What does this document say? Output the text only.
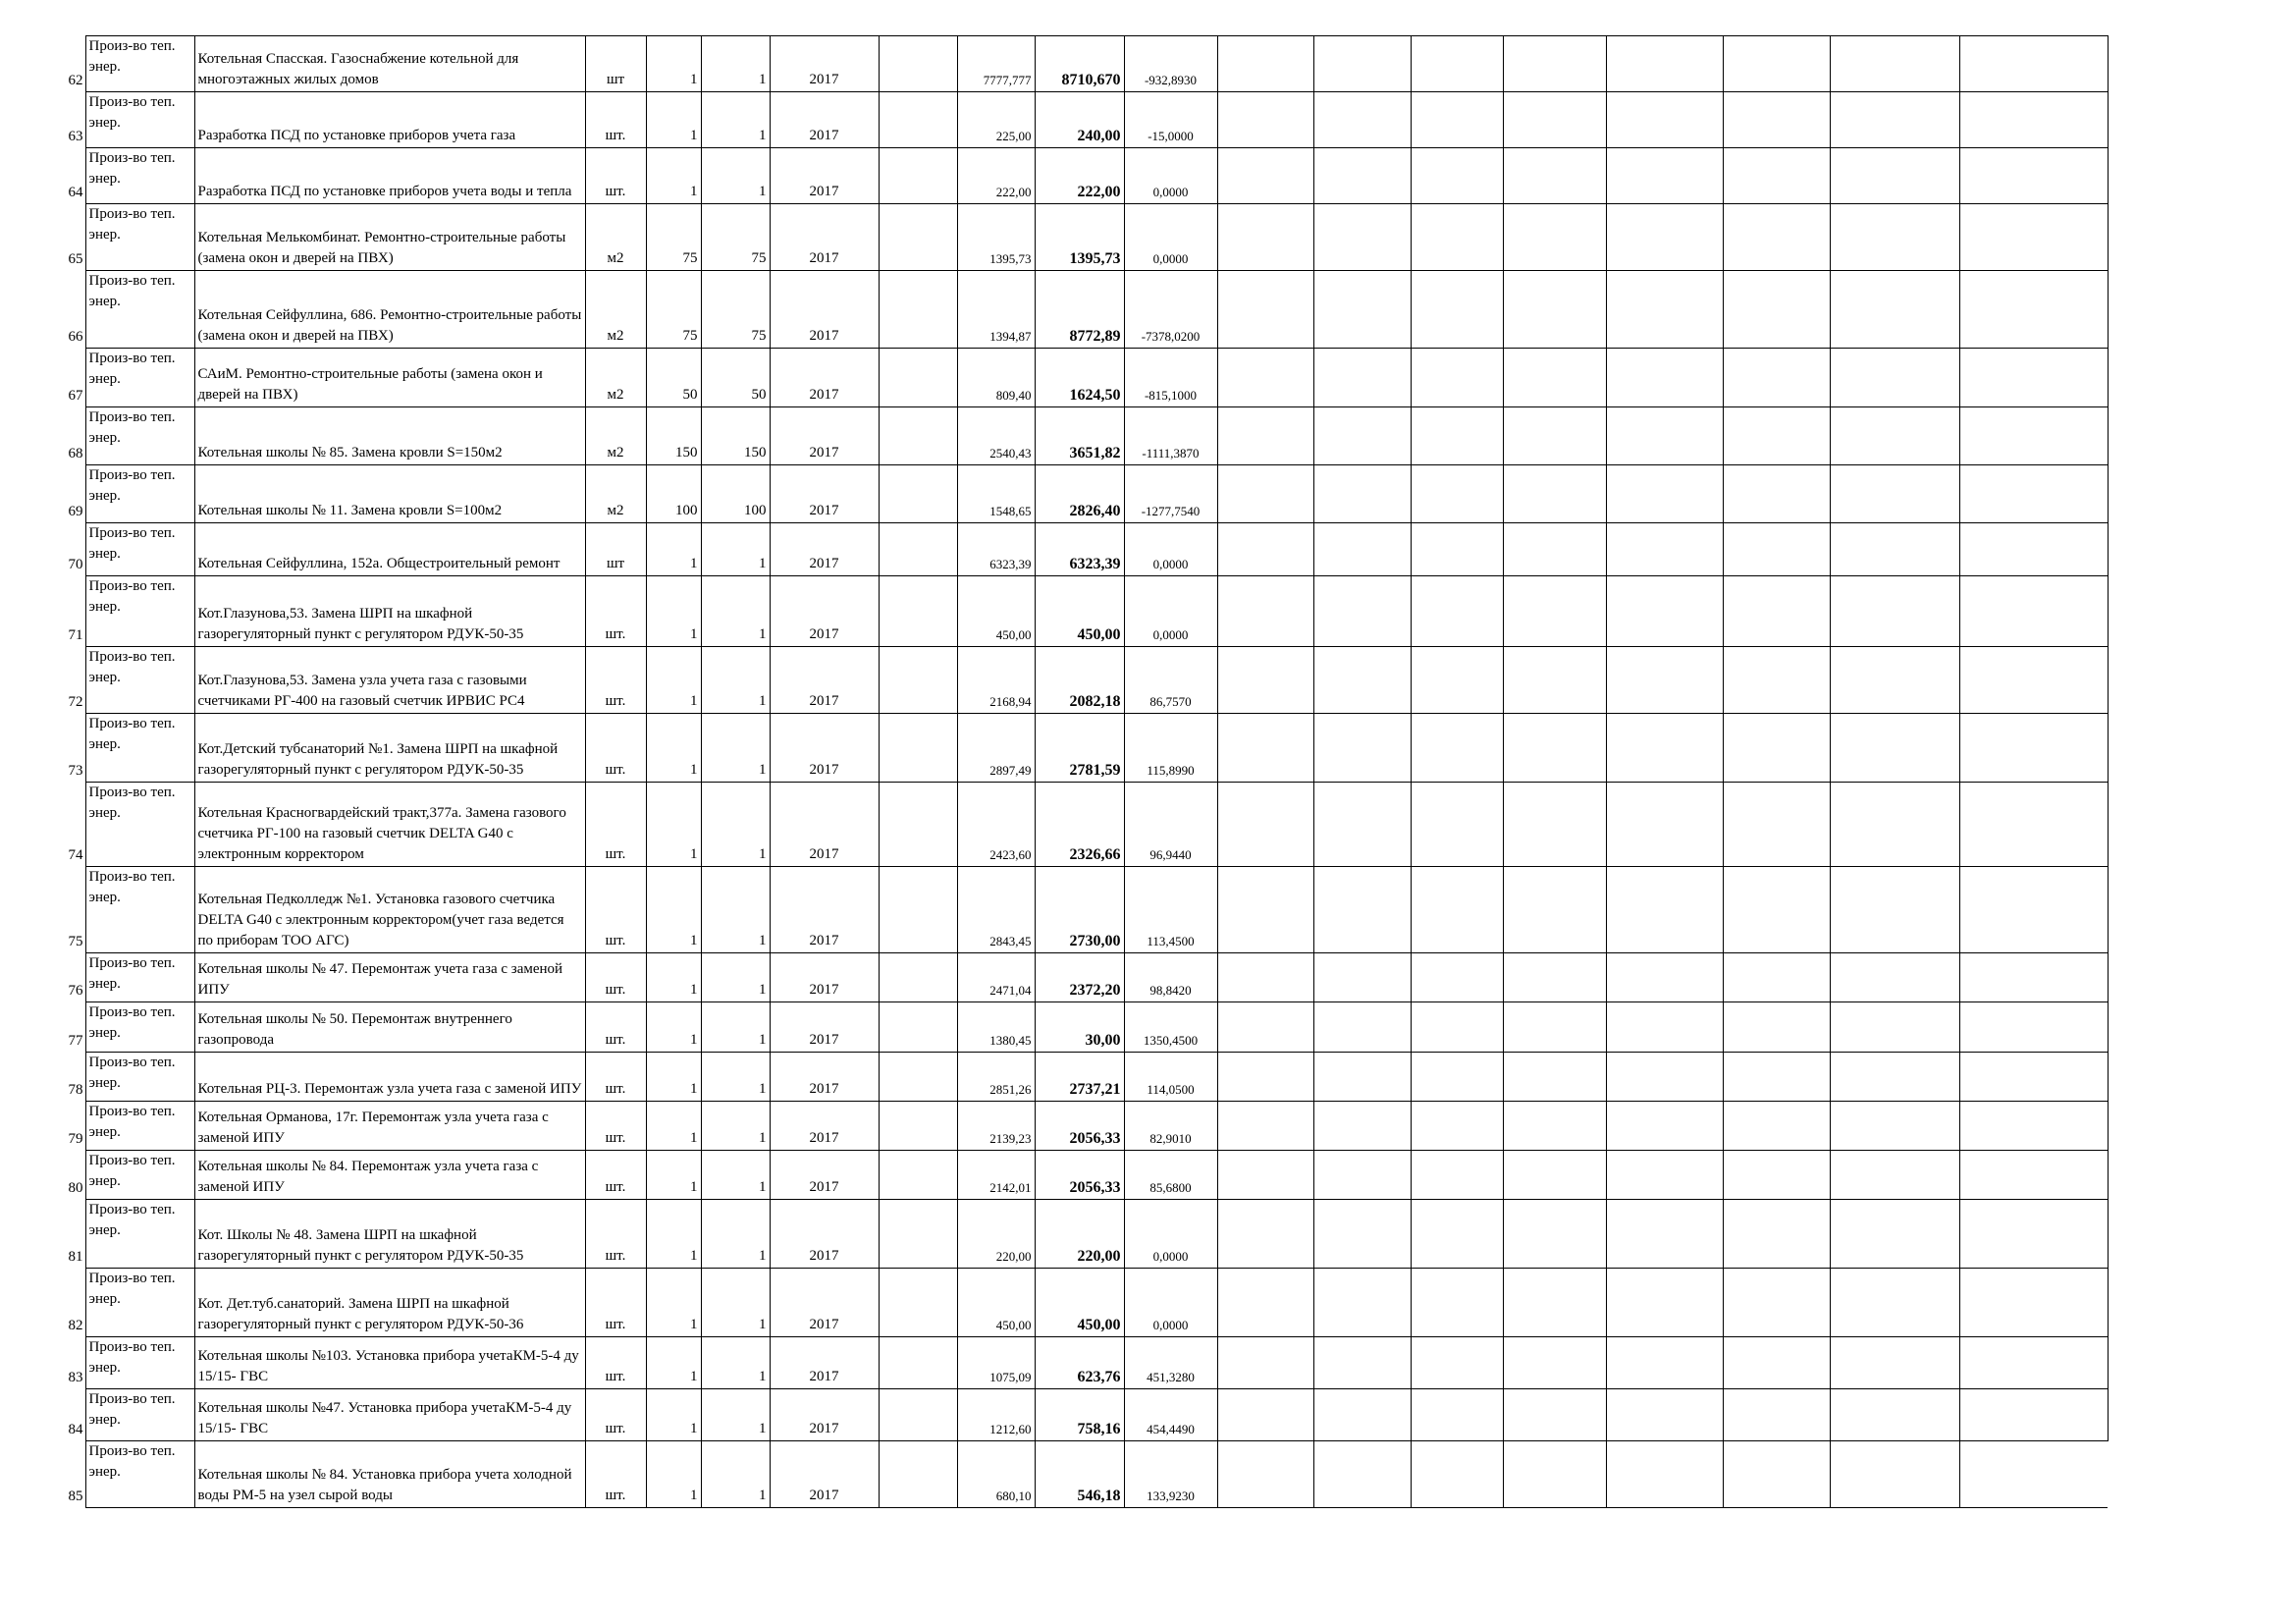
62	Произ-во теп. энер.	Котельная Спасская. Газоснабжение котельной для многоэтажных жилых домов	шт	1	1	2017		7777,777	8710,670	-932,8930								
63	Произ-во теп. энер.	Разработка ПСД по установке приборов учета газа	шт.	1	1	2017		225,00	240,00	-15,0000								
64	Произ-во теп. энер.	Разработка ПСД по установке приборов учета воды и тепла	шт.	1	1	2017		222,00	222,00	0,0000								
65	Произ-во теп. энер.	Котельная Мелькомбинат. Ремонтно-строительные работы (замена окон и дверей на ПВХ)	м2	75	75	2017		1395,73	1395,73	0,0000								
66	Произ-во теп. энер.	Котельная Сейфуллина, 686. Ремонтно-строительные работы (замена окон и дверей на ПВХ)	м2	75	75	2017		1394,87	8772,89	-7378,0200								
67	Произ-во теп. энер.	САиМ. Ремонтно-строительные работы (замена окон и дверей на ПВХ)	м2	50	50	2017		809,40	1624,50	-815,1000								
68	Произ-во теп. энер.	Котельная школы № 85. Замена кровли S=150м2	м2	150	150	2017		2540,43	3651,82	-1111,3870								
69	Произ-во теп. энер.	Котельная школы № 11. Замена кровли S=100м2	м2	100	100	2017		1548,65	2826,40	-1277,7540								
70	Произ-во теп. энер.	Котельная Сейфуллина, 152а. Общестроительный ремонт	шт	1	1	2017		6323,39	6323,39	0,0000								
71	Произ-во теп. энер.	Кот.Глазунова,53. Замена ШРП на шкафной газорегуляторный пункт с регулятором РДУК-50-35	шт.	1	1	2017		450,00	450,00	0,0000								
72	Произ-во теп. энер.	Кот.Глазунова,53. Замена узла учета газа с газовыми счетчиками РГ-400 на газовый счетчик ИРВИС РС4	шт.	1	1	2017		2168,94	2082,18	86,7570								
73	Произ-во теп. энер.	Кот.Детский тубсанаторий №1. Замена ШРП на шкафной газорегуляторный пункт с регулятором РДУК-50-35	шт.	1	1	2017		2897,49	2781,59	115,8990								
74	Произ-во теп. энер.	Котельная Красногвардейский тракт,377а. Замена газового счетчика РГ-100 на газовый счетчик DELTA G40 с электронным корректором	шт.	1	1	2017		2423,60	2326,66	96,9440								
75	Произ-во теп. энер.	Котельная Педколледж №1. Установка газового счетчика DELTA G40 с электронным корректором(учет газа ведется по приборам ТОО АГС)	шт.	1	1	2017		2843,45	2730,00	113,4500								
76	Произ-во теп. энер.	Котельная школы № 47. Перемонтаж учета газа с заменой ИПУ	шт.	1	1	2017		2471,04	2372,20	98,8420								
77	Произ-во теп. энер.	Котельная школы № 50. Перемонтаж внутреннего газопровода	шт.	1	1	2017		1380,45	30,00	1350,4500								
78	Произ-во теп. энер.	Котельная РЦ-3. Перемонтаж узла учета газа с заменой ИПУ	шт.	1	1	2017		2851,26	2737,21	114,0500								
79	Произ-во теп. энер.	Котельная Орманова, 17г. Перемонтаж узла учета газа с заменой ИПУ	шт.	1	1	2017		2139,23	2056,33	82,9010								
80	Произ-во теп. энер.	Котельная школы № 84. Перемонтаж узла учета газа с заменой ИПУ	шт.	1	1	2017		2142,01	2056,33	85,6800								
81	Произ-во теп. энер.	Кот. Школы № 48. Замена ШРП на шкафной газорегуляторный пункт с регулятором РДУК-50-35	шт.	1	1	2017		220,00	220,00	0,0000								
82	Произ-во теп. энер.	Кот. Дет.туб.санаторий. Замена ШРП на шкафной газорегуляторный пункт с регулятором РДУК-50-36	шт.	1	1	2017		450,00	450,00	0,0000								
83	Произ-во теп. энер.	Котельная школы №103. Установка прибора учетаКМ-5-4 ду 15/15- ГВС	шт.	1	1	2017		1075,09	623,76	451,3280								
84	Произ-во теп. энер.	Котельная школы №47. Установка прибора учетаКМ-5-4 ду 15/15- ГВС	шт.	1	1	2017		1212,60	758,16	454,4490								
85	Произ-во теп. энер.	Котельная школы № 84. Установка прибора учета холодной воды РМ-5 на узел сырой воды	шт.	1	1	2017		680,10	546,18	133,9230								
